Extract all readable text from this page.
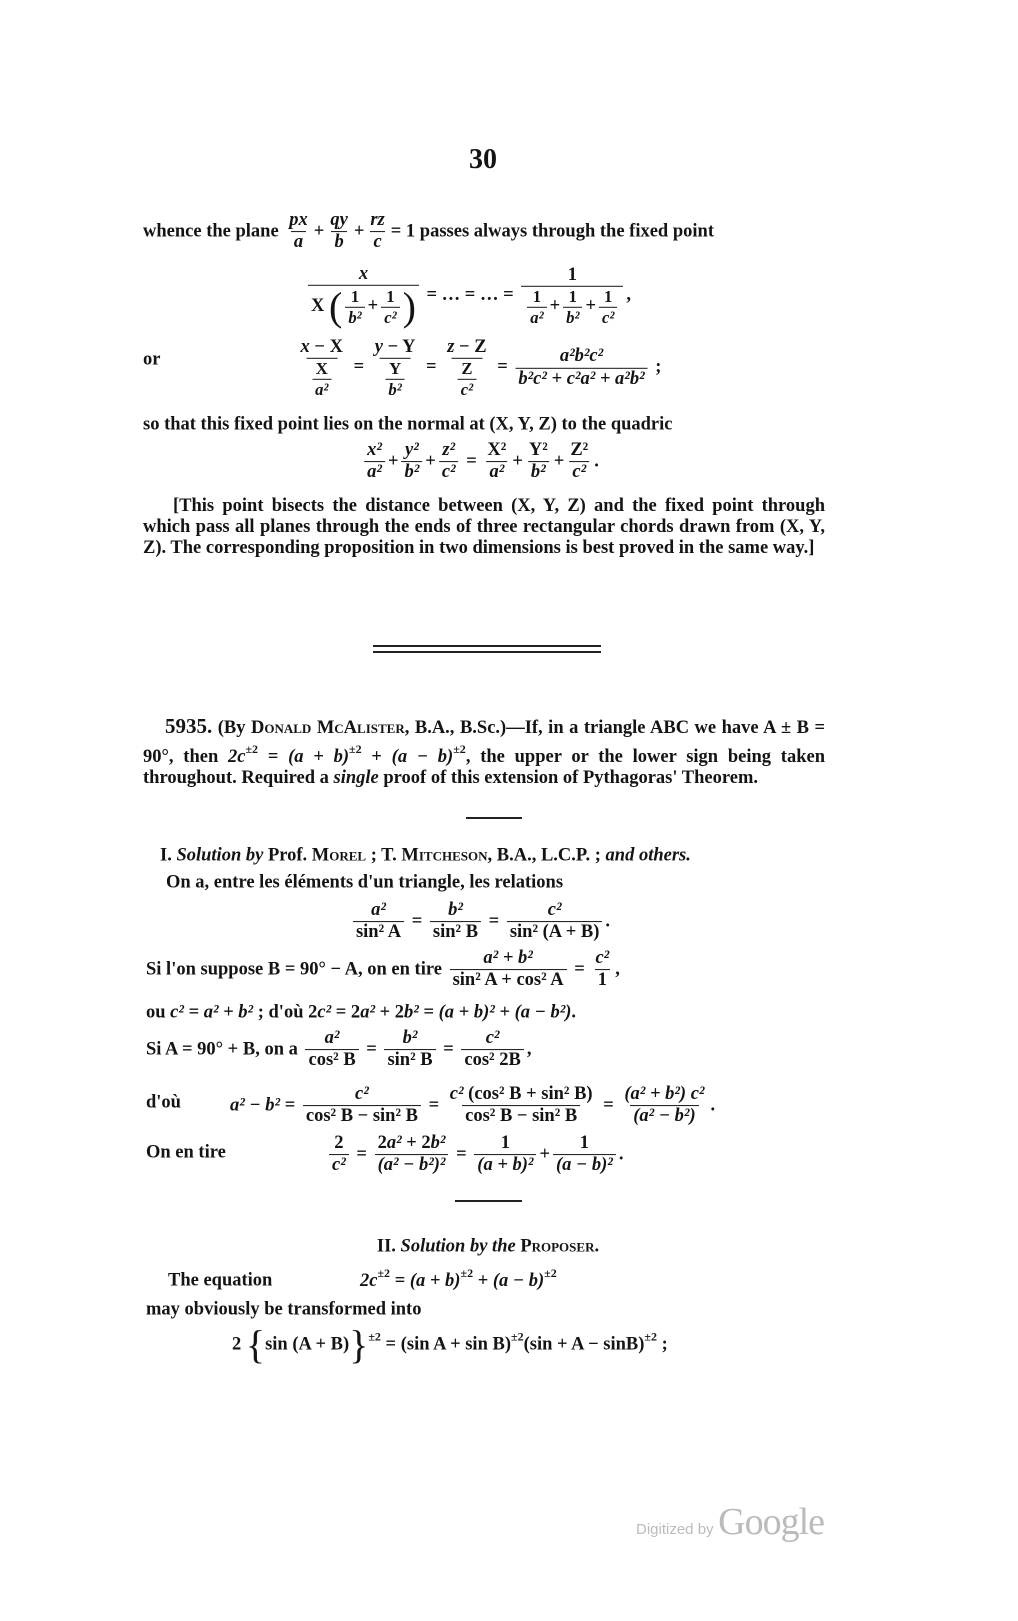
30
whence the plane $\frac{px}{a} + \frac{qy}{b} + \frac{rz}{c} = 1$ passes always through the fixed point
$\frac{x}{X ( \frac{1}{\text{b²}} + \frac{1}{\text{c²}} )}$ = … = … = $\frac{1}{\frac{1}{\text{a²}} + \frac{1}{\text{b²}} + \frac{1}{\text{c²}}}$ ,
or	$\frac{x - X}{\frac{X}{\text{a²}}} = \frac{y - Y}{\frac{Y}{\text{b²}}} = \frac{z - Z}{\frac{Z}{\text{c²}}} = \frac{\text{a²b²c²}}{\text{b²c² + c²a² + a²b²}}$ ;
so that this fixed point lies on the normal at (X, Y, Z) to the quadric
$\frac{\text{x²}}{\text{a²}} + \frac{\text{y²}}{\text{b²}} + \frac{\text{z²}}{\text{c²}} = \frac{\text{X²}}{\text{a²}} + \frac{\text{Y²}}{\text{b²}} + \frac{\text{Z²}}{\text{c²}}$ .
[This point bisects the distance between (X, Y, Z) and the fixed point through which pass all planes through the ends of three rectangular chords drawn from (X, Y, Z). The corresponding proposition in two dimensions is best proved in the same way.]
5935. (By Donald McAlister, B.A., B.Sc.)—If, in a triangle ABC we have A ± B = 90°, then $2c^{\pm 2} = (a + b)^{\pm 2} + (a - b)^{\pm 2}$, the upper or the lower sign being taken throughout. Required a single proof of this extension of Pythagoras' Theorem.
I. Solution by Prof. Morel ; T. Mitcheson, B.A., L.C.P. ; and others.
On a, entre les éléments d'un triangle, les relations
$\frac{\text{a²}}{\text{sin² A}} = \frac{\text{b²}}{\text{sin² B}} = \frac{\text{c²}}{\text{sin² (A + B)}}$ .
Si l'on suppose B = 90° − A, on en tire $\frac{\text{a² + b²}}{\text{sin² A + cos² A}} = \frac{\text{c²}}{1}$ ,
ou c² = a² + b² ; d'où 2c² = 2a² + 2b² = (a + b)² + (a − b²).
Si A = 90° + B, on a $\frac{\text{a²}}{\text{cos² B}} = \frac{\text{b²}}{\text{sin² B}} = \frac{\text{c²}}{\text{cos² 2B}}$ ,
d'où	$a^2 - b^2 = \frac{\text{c²}}{\text{cos² B − sin² B}} = \frac{\text{c² (cos² B + sin² B)}}{\text{cos² B − sin² B}} = \frac{\text{(a² + b²) c²}}{\text{(a² − b²)}}$ .
On en tire	$\frac{2}{\text{c²}} = \frac{\text{2a² + 2b²}}{\text{(a² − b²)²}} = \frac{1}{\text{(a + b)²}} + \frac{1}{\text{(a − b)²}}$ .
II. Solution by the Proposer.
The equation	$2c^{\pm 2} = (a + b)^{\pm 2} + (a - b)^{\pm 2}$
may obviously be transformed into
2 {sin (A + B)}$^{\pm 2}$ = (sin $A + \sin B)^{\pm 2}(\sin + A - \sin B)^{\pm 2}$ ;
Digitized by Google
